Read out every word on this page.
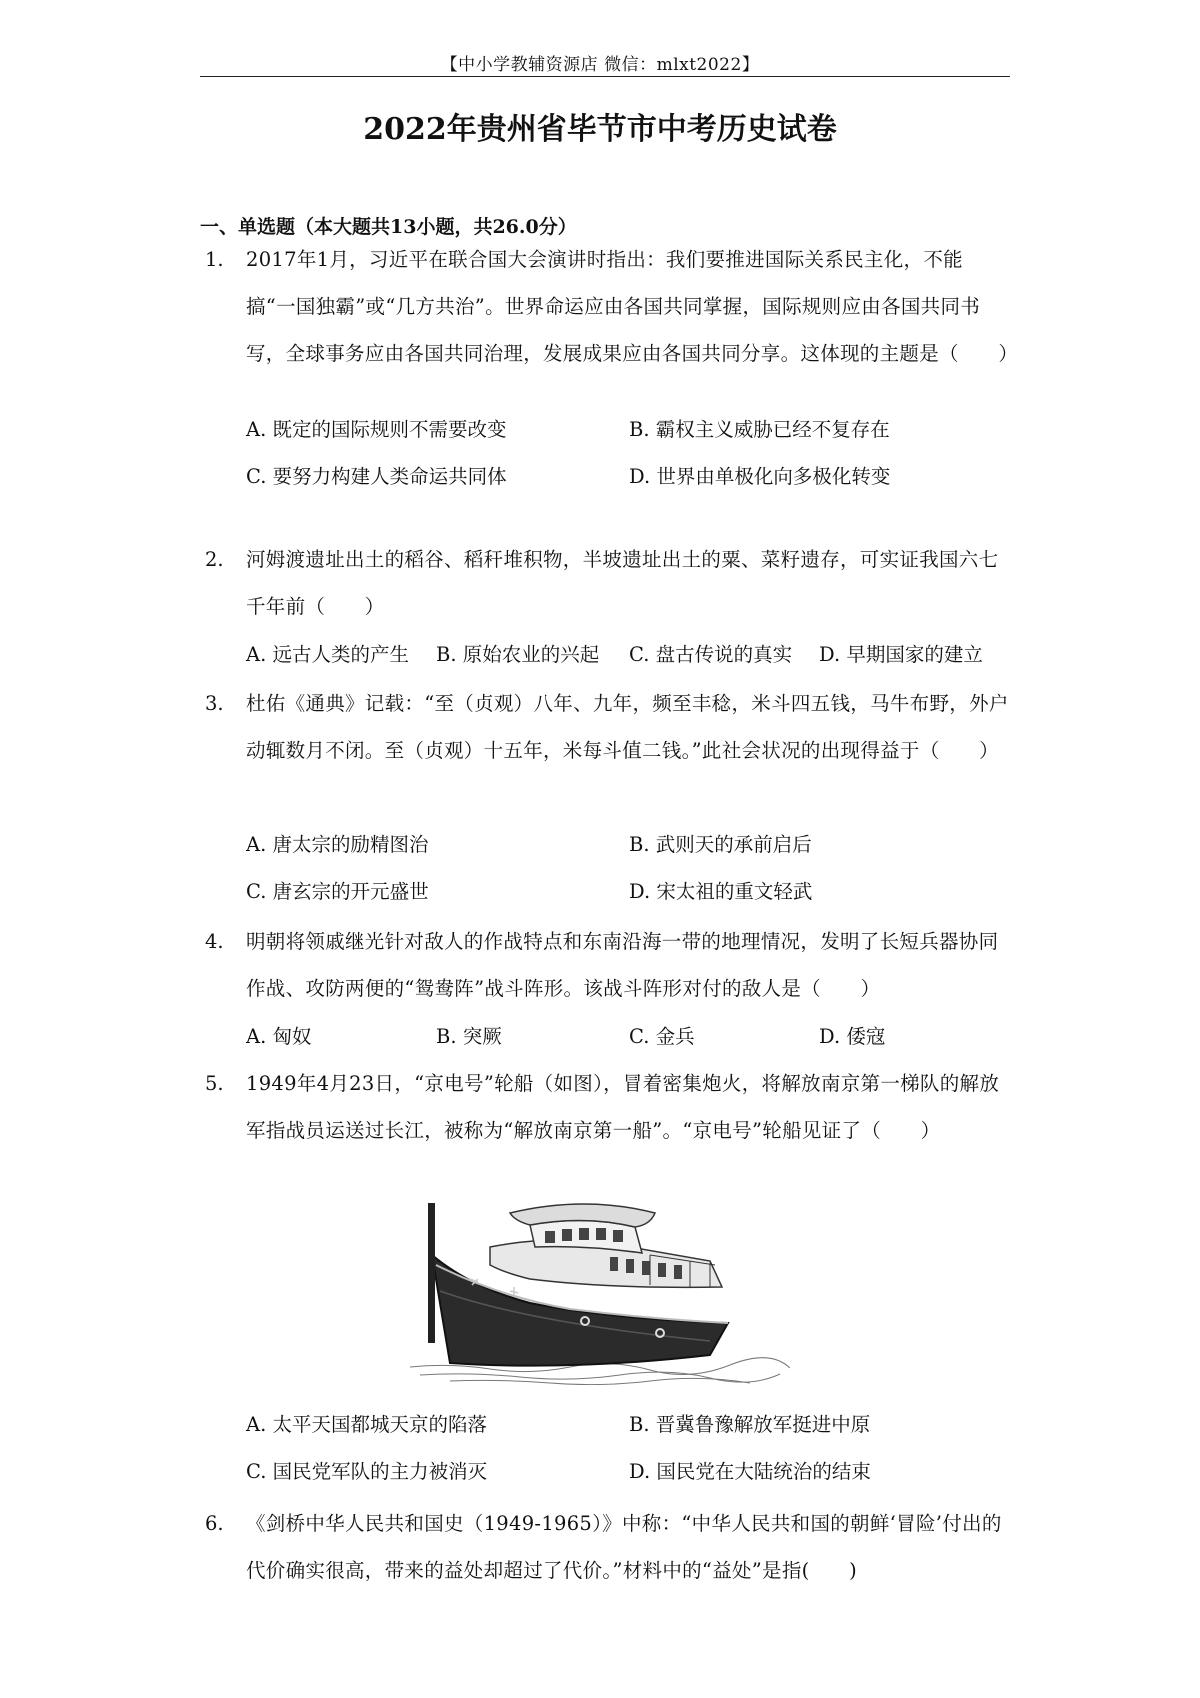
【中小学教辅资源店 微信：mlxt2022】
2022年贵州省毕节市中考历史试卷
一、单选题（本大题共13小题，共26.0分）
1.	2017年1月，习近平在联合国大会演讲时指出：我们要推进国际关系民主化，不能搞“一国独霸”或“几方共治”。世界命运应由各国共同掌握，国际规则应由各国共同书写，全球事务应由各国共同治理，发展成果应由各国共同分享。这体现的主题是（　　）
A. 既定的国际规则不需要改变	B. 霸权主义威胁已经不复存在
C. 要努力构建人类命运共同体	D. 世界由单极化向多极化转变
2.	河姆渡遗址出土的稻谷、稻秆堆积物，半坡遗址出土的粟、菜籽遗存，可实证我国六七千年前（　　）
A. 远古人类的产生 B. 原始农业的兴起 C. 盘古传说的真实 D. 早期国家的建立
3.	杜佑《通典》记载：“至（贞观）八年、九年，频至丰稔，米斗四五钱，马牛布野，外户动辄数月不闭。至（贞观）十五年，米每斗值二钱。”此社会状况的出现得益于（　　）
A. 唐太宗的励精图治	B. 武则天的承前启后
C. 唐玄宗的开元盛世	D. 宋太祖的重文轻武
4.	明朝将领戚继光针对敌人的作战特点和东南沿海一带的地理情况，发明了长短兵器协同作战、攻防两便的“鸳鸯阵”战斗阵形。该战斗阵形对付的敌人是（　　）
A. 匈奴	B. 突厥	C. 金兵	D. 倭寇
5.	1949年4月23日，“京电号”轮船（如图），冒着密集炮火，将解放南京第一梯队的解放军指战员运送过长江，被称为“解放南京第一船”。“京电号”轮船见证了（　　）
A. 太平天国都城天京的陷落	B. 晋冀鲁豫解放军挺进中原
C. 国民党军队的主力被消灭	D. 国民党在大陆统治的结束
6.	《剑桥中华人民共和国史（1949-1965）》中称：“中华人民共和国的朝鲜‘冒险’付出的代价确实很高，带来的益处却超过了代价。”材料中的“益处”是指(　　)
